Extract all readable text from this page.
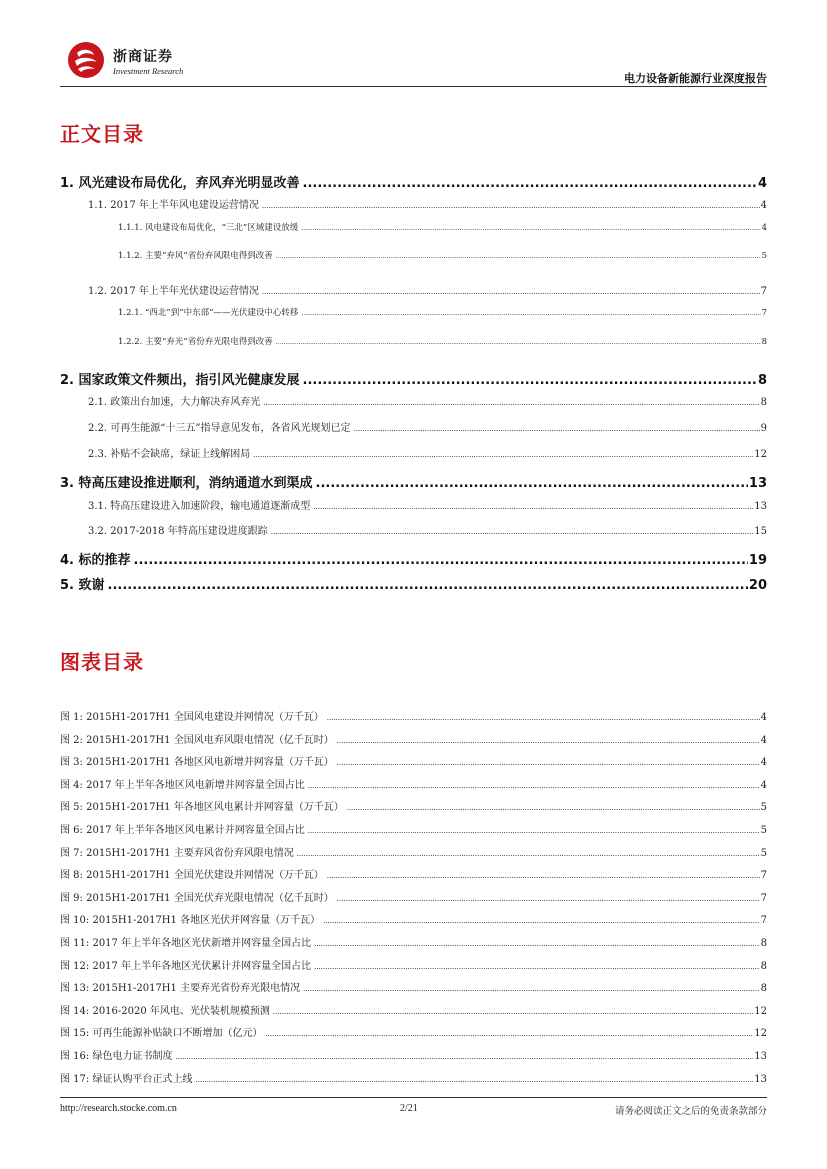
浙商证券
Investment Research
电力设备新能源行业深度报告
正文目录
1. 风光建设布局优化，弃风弃光明显改善 .....	4
1.1. 2017 年上半年风电建设运营情况 .....	4
1.1.1. 风电建设布局优化，“三北”区域建设放缓 .....	4
1.1.2. 主要“弃风”省份弃风限电得到改善 .....	5
1.2. 2017 年上半年光伏建设运营情况 .....	7
1.2.1. “西北”到“中东部”——光伏建设中心转移 .....	7
1.2.2. 主要“弃光”省份弃光限电得到改善 .....	8
2. 国家政策文件频出，指引风光健康发展 .....	8
2.1. 政策出台加速，大力解决弃风弃光 .....	8
2.2. 可再生能源“十三五”指导意见发布，各省风光规划已定 .....	9
2.3. 补贴不会缺席，绿证上线解困局 .....	12
3. 特高压建设推进顺利，消纳通道水到渠成 .....	13
3.1. 特高压建设进入加速阶段，输电通道逐渐成型 .....	13
3.2. 2017-2018 年特高压建设进度跟踪 .....	15
4. 标的推荐 .....	19
5. 致谢 .....	20
图表目录
图 1: 2015H1-2017H1 全国风电建设并网情况（万千瓦） .....	4
图 2: 2015H1-2017H1 全国风电弃风限电情况（亿千瓦时） .....	4
图 3: 2015H1-2017H1 各地区风电新增并网容量（万千瓦） .....	4
图 4: 2017 年上半年各地区风电新增并网容量全国占比 .....	4
图 5: 2015H1-2017H1 年各地区风电累计并网容量（万千瓦） .....	5
图 6: 2017 年上半年各地区风电累计并网容量全国占比 .....	5
图 7: 2015H1-2017H1 主要弃风省份弃风限电情况 .....	5
图 8: 2015H1-2017H1 全国光伏建设并网情况（万千瓦） .....	7
图 9: 2015H1-2017H1 全国光伏弃光限电情况（亿千瓦时） .....	7
图 10: 2015H1-2017H1 各地区光伏并网容量（万千瓦） .....	7
图 11: 2017 年上半年各地区光伏新增并网容量全国占比 .....	8
图 12: 2017 年上半年各地区光伏累计并网容量全国占比 .....	8
图 13: 2015H1-2017H1 主要弃光省份弃光限电情况 .....	8
图 14: 2016-2020 年风电、光伏装机规模预测 .....	12
图 15: 可再生能源补贴缺口不断增加（亿元） .....	12
图 16: 绿色电力证书制度 .....	13
图 17: 绿证认购平台正式上线 .....	13
http://research.stocke.com.cn	2/21	请务必阅读正文之后的免责条款部分
